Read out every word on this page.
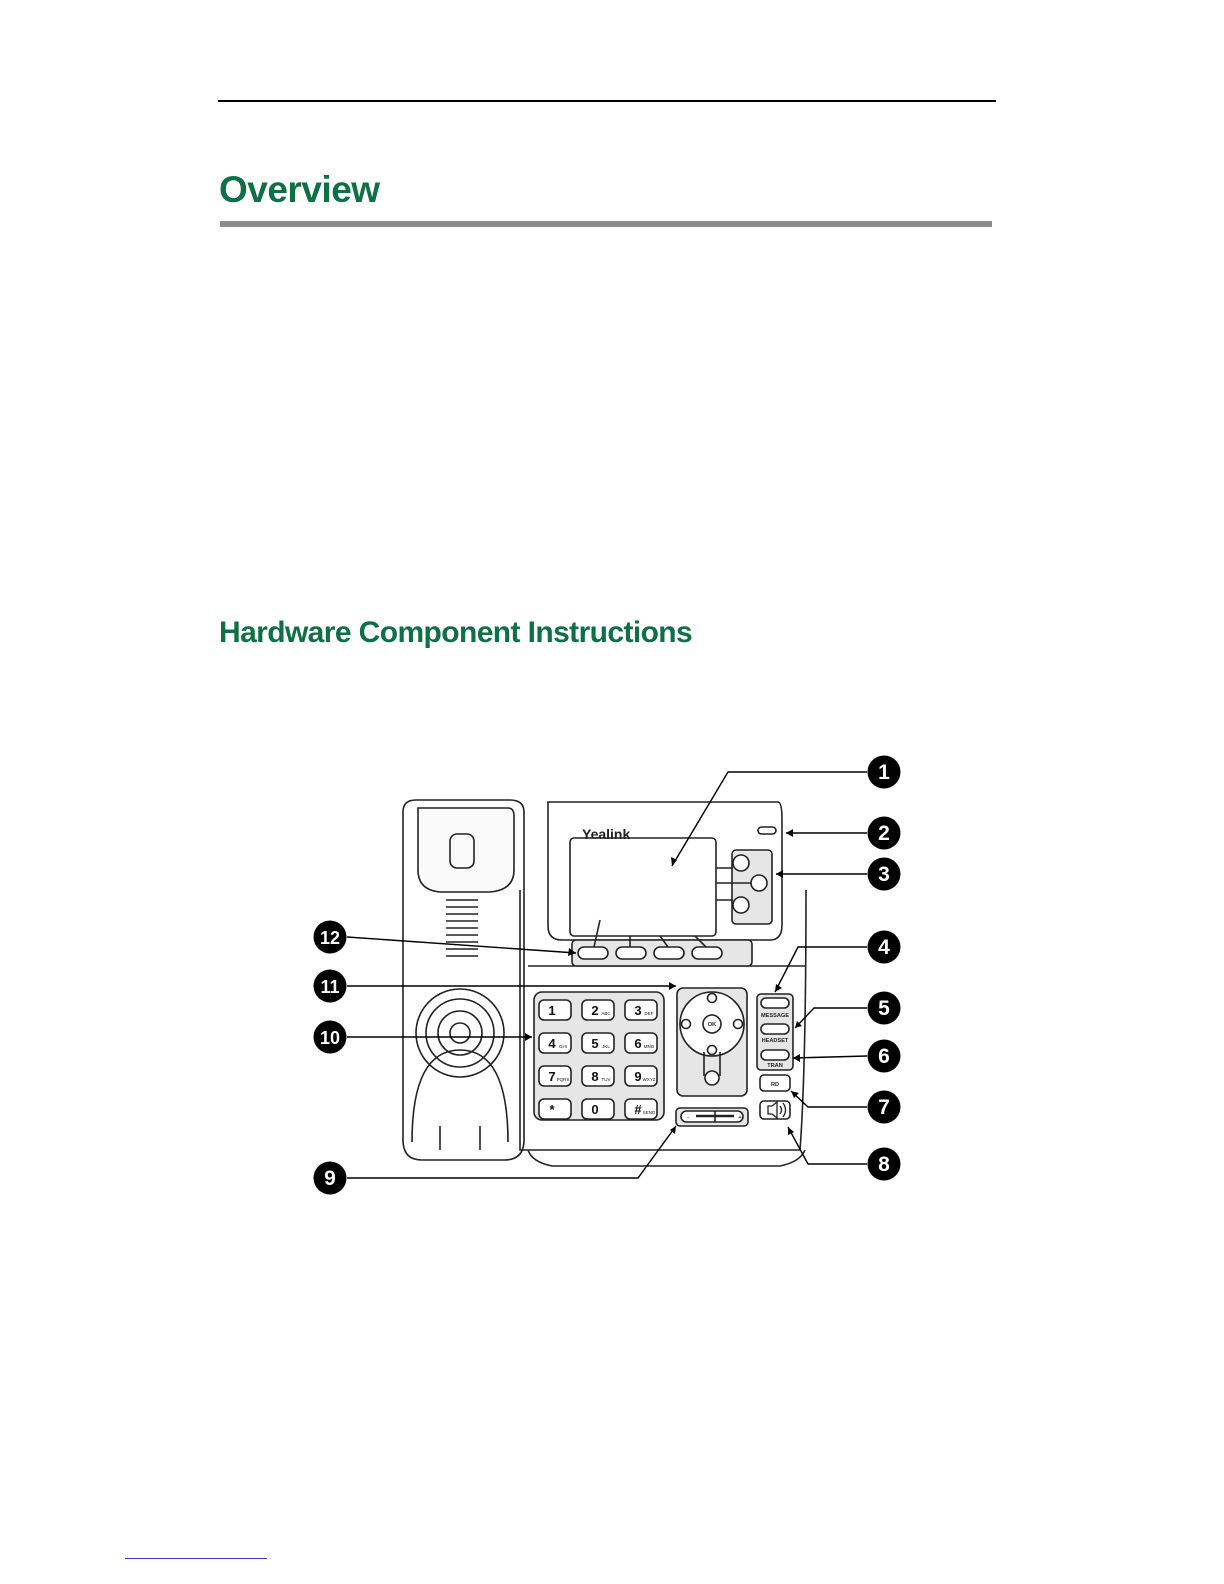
Overview
Hardware Component Instructions
1	2 ABC 3 DEF
4 GHI 5 JKL 6 MNO
7 PQRS 8 TUV 9 WXYZ
* . 0	# SEND
OK
MESSAGE
HEADSET
TRAN
RD
-	+
Yealink
1
2
3
4
5
6
7
8
9
10
11
12
